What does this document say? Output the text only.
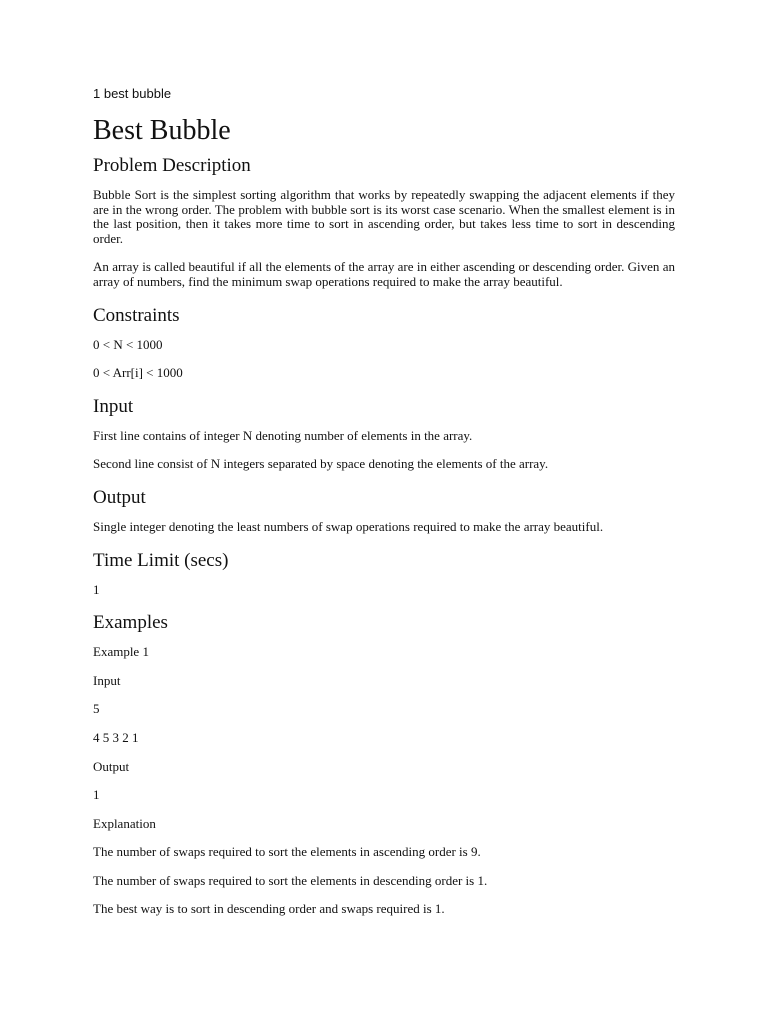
1 best bubble

Best Bubble
Problem Description

Bubble Sort is the simplest sorting algorithm that works by repeatedly swapping the adjacent elements if they are in the wrong order. The problem with bubble sort is its worst case scenario. When the smallest element is in the last position, then it takes more time to sort in ascending order, but takes less time to sort in descending order.

An array is called beautiful if all the elements of the array are in either ascending or descending order. Given an array of numbers, find the minimum swap operations required to make the array beautiful.

Constraints

0 < N < 1000

0 < Arr[i] < 1000

Input

First line contains of integer N denoting number of elements in the array.

Second line consist of N integers separated by space denoting the elements of the array.

Output

Single integer denoting the least numbers of swap operations required to make the array beautiful.

Time Limit (secs)

1

Examples

Example 1

Input

5

4 5 3 2 1

Output

1

Explanation

The number of swaps required to sort the elements in ascending order is 9.

The number of swaps required to sort the elements in descending order is 1.

The best way is to sort in descending order and swaps required is 1.
